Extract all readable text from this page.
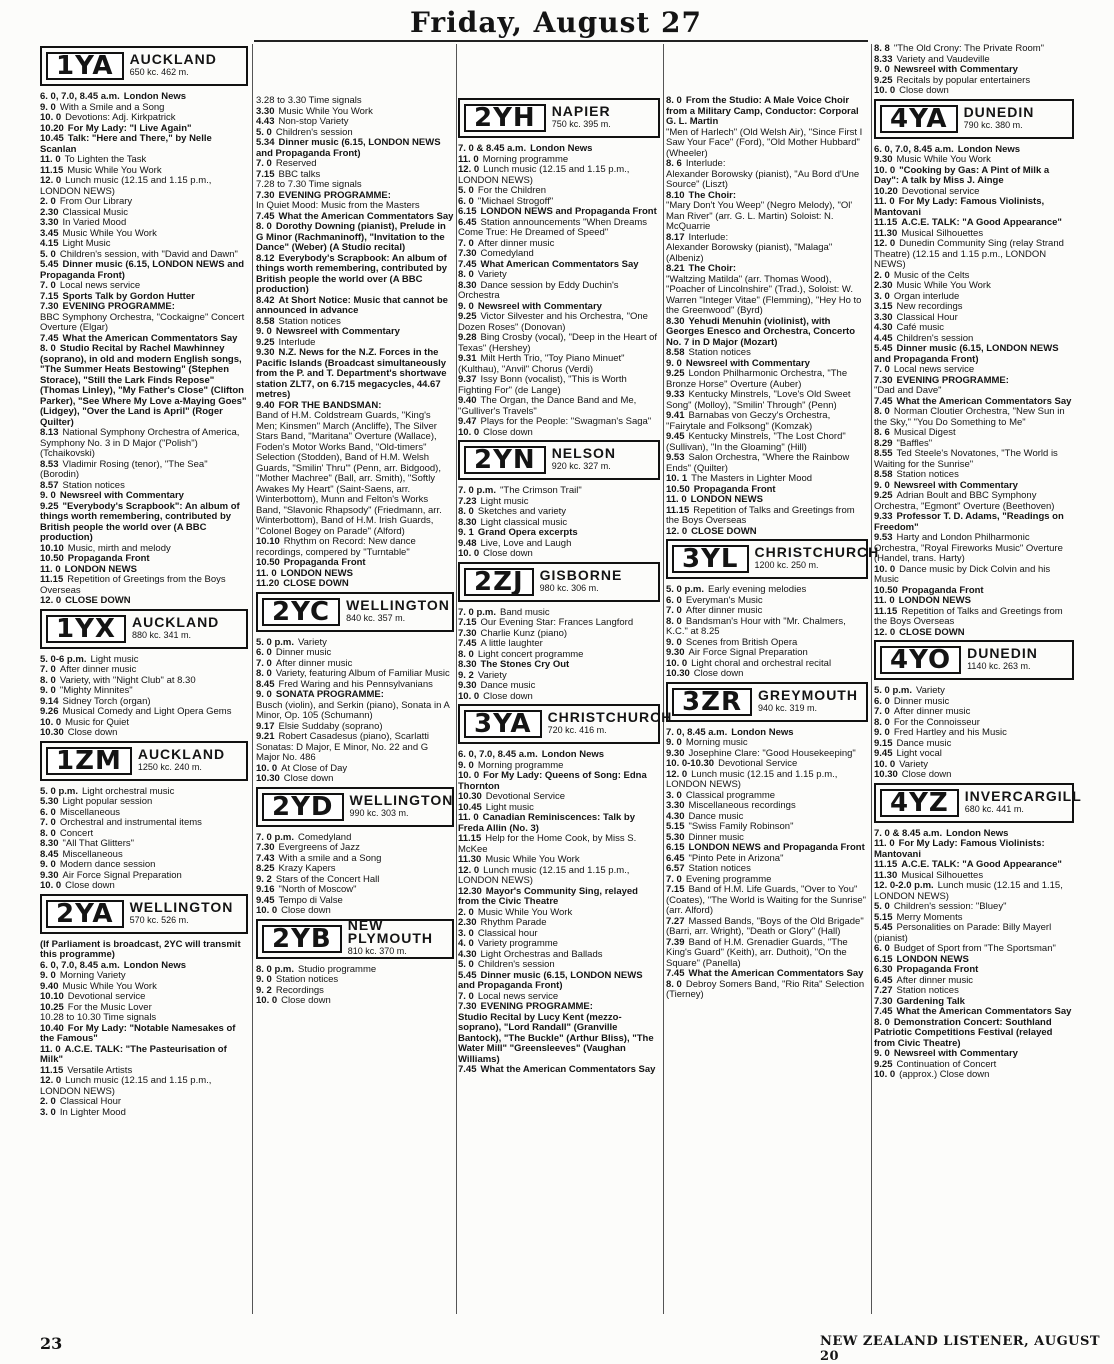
Friday, August 27
1YA	AUCKLAND
650 kc. 462 m.
6. 0, 7.0, 8.45 a.m. London News
9. 0 With a Smile and a Song
10. 0 Devotions: Adj. Kirkpatrick
10.20 For My Lady: "I Live Again"
10.45 Talk: "Here and There," by Nelle Scanlan
11. 0 To Lighten the Task
11.15 Music While You Work
12. 0 Lunch music (12.15 and 1.15 p.m., LONDON NEWS)
2. 0 From Our Library
2.30 Classical Music
3.30 In Varied Mood
3.45 Music While You Work
4.15 Light Music
5. 0 Children's session, with "David and Dawn"
5.45 Dinner music (6.15, LONDON NEWS and Propaganda Front)
7. 0 Local news service
7.15 Sports Talk by Gordon Hutter
7.30 EVENING PROGRAMME:
BBC Symphony Orchestra, "Cockaigne" Concert Overture (Elgar)
7.45 What the American Commentators Say
8. 0 Studio Recital by Rachel Mawhinney (soprano), in old and modern English songs, "The Summer Heats Bestowing" (Stephen Storace), "Still the Lark Finds Repose" (Thomas Linley), "My Father's Close" (Clifton Parker), "See Where My Love a-Maying Goes" (Lidgey), "Over the Land is April" (Roger Quilter)
8.13 National Symphony Orchestra of America, Symphony No. 3 in D Major ("Polish") (Tchaikovski)
8.53 Vladimir Rosing (tenor), "The Sea" (Borodin)
8.57 Station notices
9. 0 Newsreel with Commentary
9.25 "Everybody's Scrapbook": An album of things worth remembering, contributed by British people the world over (A BBC production)
10.10 Music, mirth and melody
10.50 Propaganda Front
11. 0 LONDON NEWS
11.15 Repetition of Greetings from the Boys Overseas
12. 0 CLOSE DOWN
1YX	AUCKLAND
880 kc. 341 m.
5. 0-6 p.m. Light music
7. 0 After dinner music
8. 0 Variety, with "Night Club" at 8.30
9. 0 "Mighty Minnites"
9.14 Sidney Torch (organ)
9.26 Musical Comedy and Light Opera Gems
10. 0 Music for Quiet
10.30 Close down
1ZM	AUCKLAND
1250 kc. 240 m.
5. 0 p.m. Light orchestral music
5.30 Light popular session
6. 0 Miscellaneous
7. 0 Orchestral and instrumental items
8. 0 Concert
8.30 "All That Glitters"
8.45 Miscellaneous
9. 0 Modern dance session
9.30 Air Force Signal Preparation
10. 0 Close down
2YA	WELLINGTON
570 kc. 526 m.
(If Parliament is broadcast, 2YC will transmit this programme)
6. 0, 7.0, 8.45 a.m. London News
9. 0 Morning Variety
9.40 Music While You Work
10.10 Devotional service
10.25 For the Music Lover
10.28 to 10.30 Time signals
10.40 For My Lady: "Notable Namesakes of the Famous"
11. 0 A.C.E. TALK: "The Pasteurisation of Milk"
11.15 Versatile Artists
12. 0 Lunch music (12.15 and 1.15 p.m., LONDON NEWS)
2. 0 Classical Hour
3. 0 In Lighter Mood
3.28 to 3.30 Time signals
3.30 Music While You Work
4.43 Non-stop Variety
5. 0 Children's session
5.34 Dinner music (6.15, LONDON NEWS and Propaganda Front)
7. 0 Reserved
7.15 BBC talks
7.28 to 7.30 Time signals
7.30 EVENING PROGRAMME:
In Quiet Mood: Music from the Masters
7.45 What the American Commentators Say
8. 0 Dorothy Downing (pianist), Prelude in G Minor (Rachmaninoff), "Invitation to the Dance" (Weber) (A Studio recital)
8.12 Everybody's Scrapbook: An album of things worth remembering, contributed by British people the world over (A BBC production)
8.42 At Short Notice: Music that cannot be announced in advance
8.58 Station notices
9. 0 Newsreel with Commentary
9.25 Interlude
9.30 N.Z. News for the N.Z. Forces in the Pacific Islands (Broadcast simultaneously from the P. and T. Department's shortwave station ZLT7, on 6.715 megacycles, 44.67 metres)
9.40 FOR THE BANDSMAN:
Band of H.M. Coldstream Guards, "King's Men; Kinsmen" March (Ancliffe), The Silver Stars Band, "Maritana" Overture (Wallace), Foden's Motor Works Band, "Old-timers" Selection (Stodden), Band of H.M. Welsh Guards, "Smilin' Thru'" (Penn, arr. Bidgood), "Mother Machree" (Ball, arr. Smith), "Softly Awakes My Heart" (Saint-Saens, arr. Winterbottom), Munn and Felton's Works Band, "Slavonic Rhapsody" (Friedmann, arr. Winterbottom), Band of H.M. Irish Guards, "Colonel Bogey on Parade" (Alford)
10.10 Rhythm on Record: New dance recordings, compered by "Turntable"
10.50 Propaganda Front
11. 0 LONDON NEWS
11.20 CLOSE DOWN
2YC	WELLINGTON
840 kc. 357 m.
5. 0 p.m. Variety
6. 0 Dinner music
7. 0 After dinner music
8. 0 Variety, featuring Album of Familiar Music
8.45 Fred Waring and his Pennsylvanians
9. 0 SONATA PROGRAMME:
Busch (violin), and Serkin (piano), Sonata in A Minor, Op. 105 (Schumann)
9.17 Elsie Suddaby (soprano)
9.21 Robert Casadesus (piano), Scarlatti Sonatas: D Major, E Minor, No. 22 and G Major No. 486
10. 0 At Close of Day
10.30 Close down
2YD	WELLINGTON
990 kc. 303 m.
7. 0 p.m. Comedyland
7.30 Evergreens of Jazz
7.43 With a smile and a Song
8.25 Krazy Kapers
9. 2 Stars of the Concert Hall
9.16 "North of Moscow"
9.45 Tempo di Valse
10. 0 Close down
2YB	NEW PLYMOUTH
810 kc. 370 m.
8. 0 p.m. Studio programme
9. 0 Station notices
9. 2 Recordings
10. 0 Close down
2YH	NAPIER
750 kc. 395 m.
7. 0 & 8.45 a.m. London News
11. 0 Morning programme
12. 0 Lunch music (12.15 and 1.15 p.m., LONDON NEWS)
5. 0 For the Children
6. 0 "Michael Strogoff"
6.15 LONDON NEWS and Propaganda Front
6.45 Station announcements "When Dreams Come True: He Dreamed of Speed"
7. 0 After dinner music
7.30 Comedyland
7.45 What American Commentators Say
8. 0 Variety
8.30 Dance session by Eddy Duchin's Orchestra
9. 0 Newsreel with Commentary
9.25 Victor Silvester and his Orchestra, "One Dozen Roses" (Donovan)
9.28 Bing Crosby (vocal), "Deep in the Heart of Texas" (Hershey)
9.31 Milt Herth Trio, "Toy Piano Minuet" (Kulthau), "Anvil" Chorus (Verdi)
9.37 Issy Bonn (vocalist), "This is Worth Fighting For" (de Lange)
9.40 The Organ, the Dance Band and Me, "Gulliver's Travels"
9.47 Plays for the People: "Swagman's Saga"
10. 0 Close down
2YN	NELSON
920 kc. 327 m.
7. 0 p.m. "The Crimson Trail"
7.23 Light music
8. 0 Sketches and variety
8.30 Light classical music
9. 1 Grand Opera excerpts
9.48 Live, Love and Laugh
10. 0 Close down
2ZJ	GISBORNE
980 kc. 306 m.
7. 0 p.m. Band music
7.15 Our Evening Star: Frances Langford
7.30 Charlie Kunz (piano)
7.45 A little laughter
8. 0 Light concert programme
8.30 The Stones Cry Out
9. 2 Variety
9.30 Dance music
10. 0 Close down
3YA	CHRISTCHURCH
720 kc. 416 m.
6. 0, 7.0, 8.45 a.m. London News
9. 0 Morning programme
10. 0 For My Lady: Queens of Song: Edna Thornton
10.30 Devotional Service
10.45 Light music
11. 0 Canadian Reminiscences: Talk by Freda Allin (No. 3)
11.15 Help for the Home Cook, by Miss S. McKee
11.30 Music While You Work
12. 0 Lunch music (12.15 and 1.15 p.m., LONDON NEWS)
12.30 Mayor's Community Sing, relayed from the Civic Theatre
2. 0 Music While You Work
2.30 Rhythm Parade
3. 0 Classical hour
4. 0 Variety programme
4.30 Light Orchestras and Ballads
5. 0 Children's session
5.45 Dinner music (6.15, LONDON NEWS and Propaganda Front)
7. 0 Local news service
7.30 EVENING PROGRAMME:
Studio Recital by Lucy Kent (mezzo-soprano), "Lord Randall" (Granville Bantock), "The Buckle" (Arthur Bliss), "The Water Mill" "Greensleeves" (Vaughan Williams)
7.45 What the American Commentators Say
8. 0 From the Studio: A Male Voice Choir from a Military Camp, Conductor: Corporal G. L. Martin
"Men of Harlech" (Old Welsh Air), "Since First I Saw Your Face" (Ford), "Old Mother Hubbard" (Wheeler)
8. 6 Interlude:
Alexander Borowsky (pianist), "Au Bord d'Une Source" (Liszt)
8.10 The Choir:
"Mary Don't You Weep" (Negro Melody), "Ol' Man River" (arr. G. L. Martin) Soloist: N. McQuarrie
8.17 Interlude:
Alexander Borowsky (pianist), "Malaga" (Albeniz)
8.21 The Choir:
"Waltzing Matilda" (arr. Thomas Wood), "Poacher of Lincolnshire" (Trad.), Soloist: W. Warren "Integer Vitae" (Flemming), "Hey Ho to the Greenwood" (Byrd)
8.30 Yehudi Menuhin (violinist), with Georges Enesco and Orchestra, Concerto No. 7 in D Major (Mozart)
8.58 Station notices
9. 0 Newsreel with Commentary
9.25 London Philharmonic Orchestra, "The Bronze Horse" Overture (Auber)
9.33 Kentucky Minstrels, "Love's Old Sweet Song" (Molloy), "Smilin' Through" (Penn)
9.41 Barnabas von Geczy's Orchestra, "Fairytale and Folksong" (Komzak)
9.45 Kentucky Minstrels, "The Lost Chord" (Sullivan), "In the Gloaming" (Hill)
9.53 Salon Orchestra, "Where the Rainbow Ends" (Quilter)
10. 1 The Masters in Lighter Mood
10.50 Propaganda Front
11. 0 LONDON NEWS
11.15 Repetition of Talks and Greetings from the Boys Overseas
12. 0 CLOSE DOWN
3YL	CHRISTCHURCH
1200 kc. 250 m.
5. 0 p.m. Early evening melodies
6. 0 Everyman's Music
7. 0 After dinner music
8. 0 Bandsman's Hour with "Mr. Chalmers, K.C." at 8.25
9. 0 Scenes from British Opera
9.30 Air Force Signal Preparation
10. 0 Light choral and orchestral recital
10.30 Close down
3ZR	GREYMOUTH
940 kc. 319 m.
7. 0, 8.45 a.m. London News
9. 0 Morning music
9.30 Josephine Clare: "Good Housekeeping"
10. 0-10.30 Devotional Service
12. 0 Lunch music (12.15 and 1.15 p.m., LONDON NEWS)
3. 0 Classical programme
3.30 Miscellaneous recordings
4.30 Dance music
5.15 "Swiss Family Robinson"
5.30 Dinner music
6.15 LONDON NEWS and Propaganda Front
6.45 "Pinto Pete in Arizona"
6.57 Station notices
7. 0 Evening programme
7.15 Band of H.M. Life Guards, "Over to You" (Coates), "The World is Waiting for the Sunrise" (arr. Alford)
7.27 Massed Bands, "Boys of the Old Brigade" (Barri, arr. Wright), "Death or Glory" (Hall)
7.39 Band of H.M. Grenadier Guards, "The King's Guard" (Keith), arr. Duthoit), "On the Square" (Panella)
7.45 What the American Commentators Say
8. 0 Debroy Somers Band, "Rio Rita" Selection (Tierney)
8. 8 "The Old Crony: The Private Room"
8.33 Variety and Vaudeville
9. 0 Newsreel with Commentary
9.25 Recitals by popular entertainers
10. 0 Close down
4YA	DUNEDIN
790 kc. 380 m.
6. 0, 7.0, 8.45 a.m. London News
9.30 Music While You Work
10. 0 "Cooking by Gas: A Pint of Milk a Day": A talk by Miss J. Ainge
10.20 Devotional service
11. 0 For My Lady: Famous Violinists, Mantovani
11.15 A.C.E. TALK: "A Good Appearance"
11.30 Musical Silhouettes
12. 0 Dunedin Community Sing (relay Strand Theatre) (12.15 and 1.15 p.m., LONDON NEWS)
2. 0 Music of the Celts
2.30 Music While You Work
3. 0 Organ interlude
3.15 New recordings
3.30 Classical Hour
4.30 Café music
4.45 Children's session
5.45 Dinner music (6.15, LONDON NEWS and Propaganda Front)
7. 0 Local news service
7.30 EVENING PROGRAMME:
"Dad and Dave"
7.45 What the American Commentators Say
8. 0 Norman Cloutier Orchestra, "New Sun in the Sky," "You Do Something to Me"
8. 6 Musical Digest
8.29 "Baffles"
8.55 Ted Steele's Novatones, "The World is Waiting for the Sunrise"
8.58 Station notices
9. 0 Newsreel with Commentary
9.25 Adrian Boult and BBC Symphony Orchestra, "Egmont" Overture (Beethoven)
9.33 Professor T. D. Adams, "Readings on Freedom"
9.53 Harty and London Philharmonic Orchestra, "Royal Fireworks Music" Overture (Handel, trans. Harty)
10. 0 Dance music by Dick Colvin and his Music
10.50 Propaganda Front
11. 0 LONDON NEWS
11.15 Repetition of Talks and Greetings from the Boys Overseas
12. 0 CLOSE DOWN
4YO	DUNEDIN
1140 kc. 263 m.
5. 0 p.m. Variety
6. 0 Dinner music
7. 0 After dinner music
8. 0 For the Connoisseur
9. 0 Fred Hartley and his Music
9.15 Dance music
9.45 Light vocal
10. 0 Variety
10.30 Close down
4YZ	INVERCARGILL
680 kc. 441 m.
7. 0 & 8.45 a.m. London News
11. 0 For My Lady: Famous Violinists: Mantovani
11.15 A.C.E. TALK: "A Good Appearance"
11.30 Musical Silhouettes
12. 0-2.0 p.m. Lunch music (12.15 and 1.15, LONDON NEWS)
5. 0 Children's session: "Bluey"
5.15 Merry Moments
5.45 Personalities on Parade: Billy Mayerl (pianist)
6. 0 Budget of Sport from "The Sportsman"
6.15 LONDON NEWS
6.30 Propaganda Front
6.45 After dinner music
7.27 Station notices
7.30 Gardening Talk
7.45 What the American Commentators Say
8. 0 Demonstration Concert: Southland Patriotic Competitions Festival (relayed from Civic Theatre)
9. 0 Newsreel with Commentary
9.25 Continuation of Concert
10. 0 (approx.) Close down
23	NEW ZEALAND LISTENER, AUGUST 20
